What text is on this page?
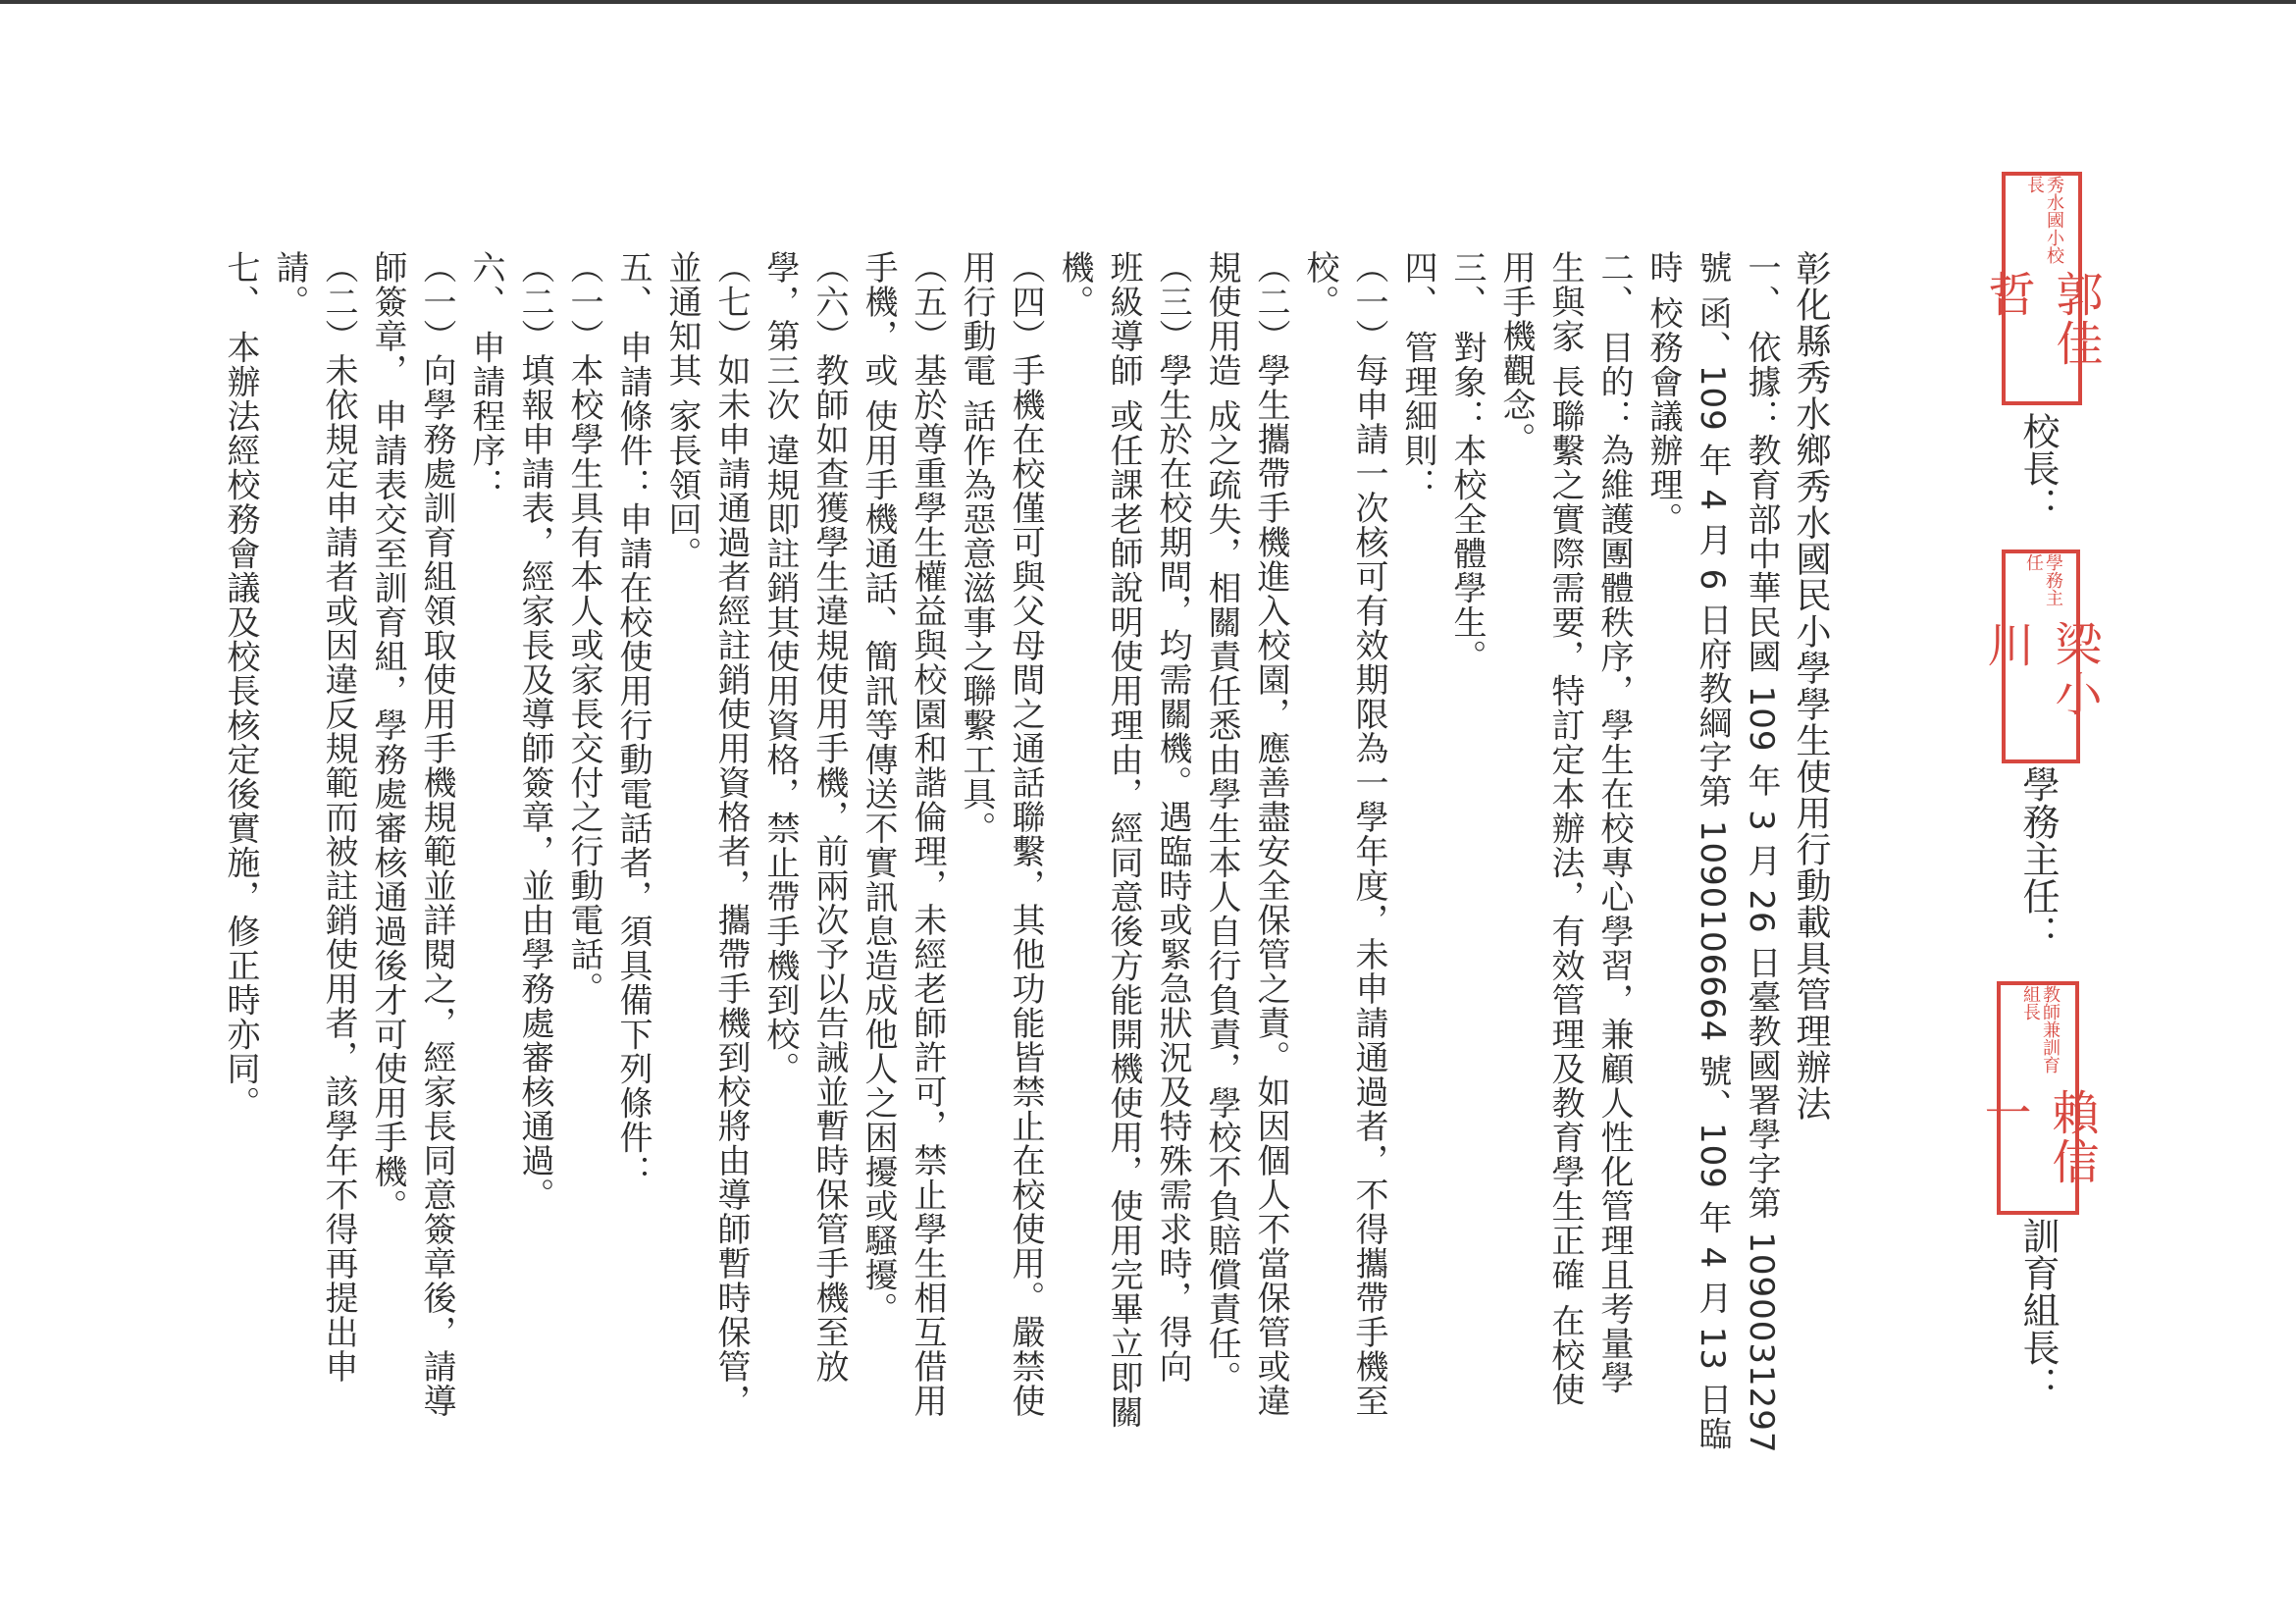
彰化縣秀水鄉秀水國民小學學生使用行動載具管理辦法
一、 依據：教育部中華民國 109 年 3 月 26 日臺教國署學字第 1090031297
號 函、109 年 4 月 6 日府教綱字第 1090106664 號、109 年 4 月 13 日臨
時 校務會議辦理。
二、 目的：為維護團體秩序，學生在校專心學習，兼顧人性化管理且考量學
生與家 長聯繫之實際需要，特訂定本辦法，有效管理及教育學生正確 在校使
用手機觀念。
三、 對象：本校全體學生。
四、 管理細則：
（一）每申請一次核可有效期限為一學年度，未申請通過者，不得攜帶手機至
校。
（二）學生攜帶手機進入校園，應善盡安全保管之責。如因個人不當保管或違
規使用造 成之疏失，相關責任悉由學生本人自行負責，學校不負賠償責任。
（三）學生於在校期間，均需關機。遇臨時或緊急狀況及特殊需求時，得向
班級導師 或任課老師說明使用理由，經同意後方能開機使用，使用完畢立即關
機。
（四）手機在校僅可與父母間之通話聯繫，其他功能皆禁止在校使用。嚴禁使
用行動電 話作為惡意滋事之聯繫工具。
（五）基於尊重學生權益與校園和諧倫理，未經老師許可，禁止學生相互借用
手機，或 使用手機通話、簡訊等傳送不實訊息造成他人之困擾或騷擾。
（六）教師如查獲學生違規使用手機，前兩次予以告誡並暫時保管手機至放
學，第三次 違規即註銷其使用資格，禁止帶手機到校。
（七）如未申請通過者經註銷使用資格者，攜帶手機到校將由導師暫時保管，
並通知其 家長領回。
五、 申請條件：申請在校使用行動電話者，須具備下列條件：
（一）本校學生具有本人或家長交付之行動電話。
（二）填報申請表，經家長及導師簽章，並由學務處審核通過。
六、 申請程序：
（一）向學務處訓育組領取使用手機規範並詳閱之，經家長同意簽章後，請導
師簽章， 申請表交至訓育組，學務處審核通過後才可使用手機。
（二）未依規定申請者或因違反規範而被註銷使用者，該學年不得再提出申
請。
七、 本辦法經校務會議及校長核定後實施，修正時亦同。
訓育組長：
教師兼訓育組長
賴信一
學務主任：
學務主任
梁小川
校長：
秀水國小校長
郭佳哲
